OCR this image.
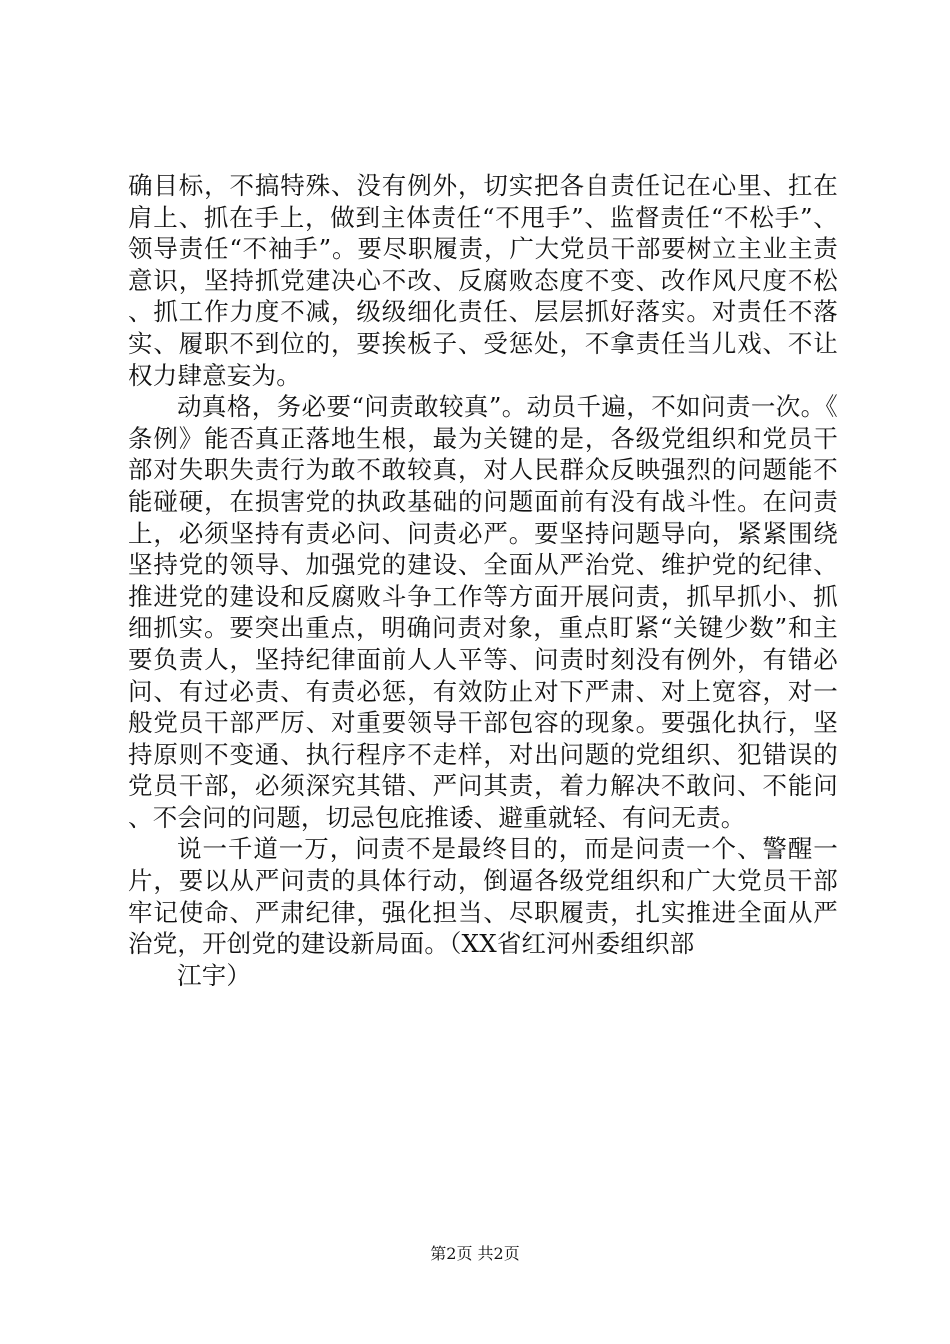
确目标，不搞特殊、没有例外，切实把各自责任记在心里、扛在肩上、抓在手上，做到主体责任“不甩手”、监督责任“不松手”、领导责任“不袖手”。要尽职履责，广大党员干部要树立主业主责意识，坚持抓党建决心不改、反腐败态度不变、改作风尺度不松、抓工作力度不减，级级细化责任、层层抓好落实。对责任不落实、履职不到位的，要挨板子、受惩处，不拿责任当儿戏、不让权力肆意妄为。

动真格，务必要“问责敢较真”。动员千遍，不如问责一次。《条例》能否真正落地生根，最为关键的是，各级党组织和党员干部对失职失责行为敢不敢较真，对人民群众反映强烈的问题能不能碰硬，在损害党的执政基础的问题面前有没有战斗性。在问责上，必须坚持有责必问、问责必严。要坚持问题导向，紧紧围绕坚持党的领导、加强党的建设、全面从严治党、维护党的纪律、推进党的建设和反腐败斗争工作等方面开展问责，抓早抓小、抓细抓实。要突出重点，明确问责对象，重点盯紧“关键少数”和主要负责人，坚持纪律面前人人平等、问责时刻没有例外，有错必问、有过必责、有责必惩，有效防止对下严肃、对上宽容，对一般党员干部严厉、对重要领导干部包容的现象。要强化执行，坚持原则不变通、执行程序不走样，对出问题的党组织、犯错误的党员干部，必须深究其错、严问其责，着力解决不敢问、不能问、不会问的问题，切忌包庇推诿、避重就轻、有问无责。

说一千道一万，问责不是最终目的，而是问责一个、警醒一片，要以从严问责的具体行动，倒逼各级党组织和广大党员干部牢记使命、严肃纪律，强化担当、尽职履责，扎实推进全面从严治党，开创党的建设新局面。（XX省红河州委组织部

江宇）

第2页 共2页
